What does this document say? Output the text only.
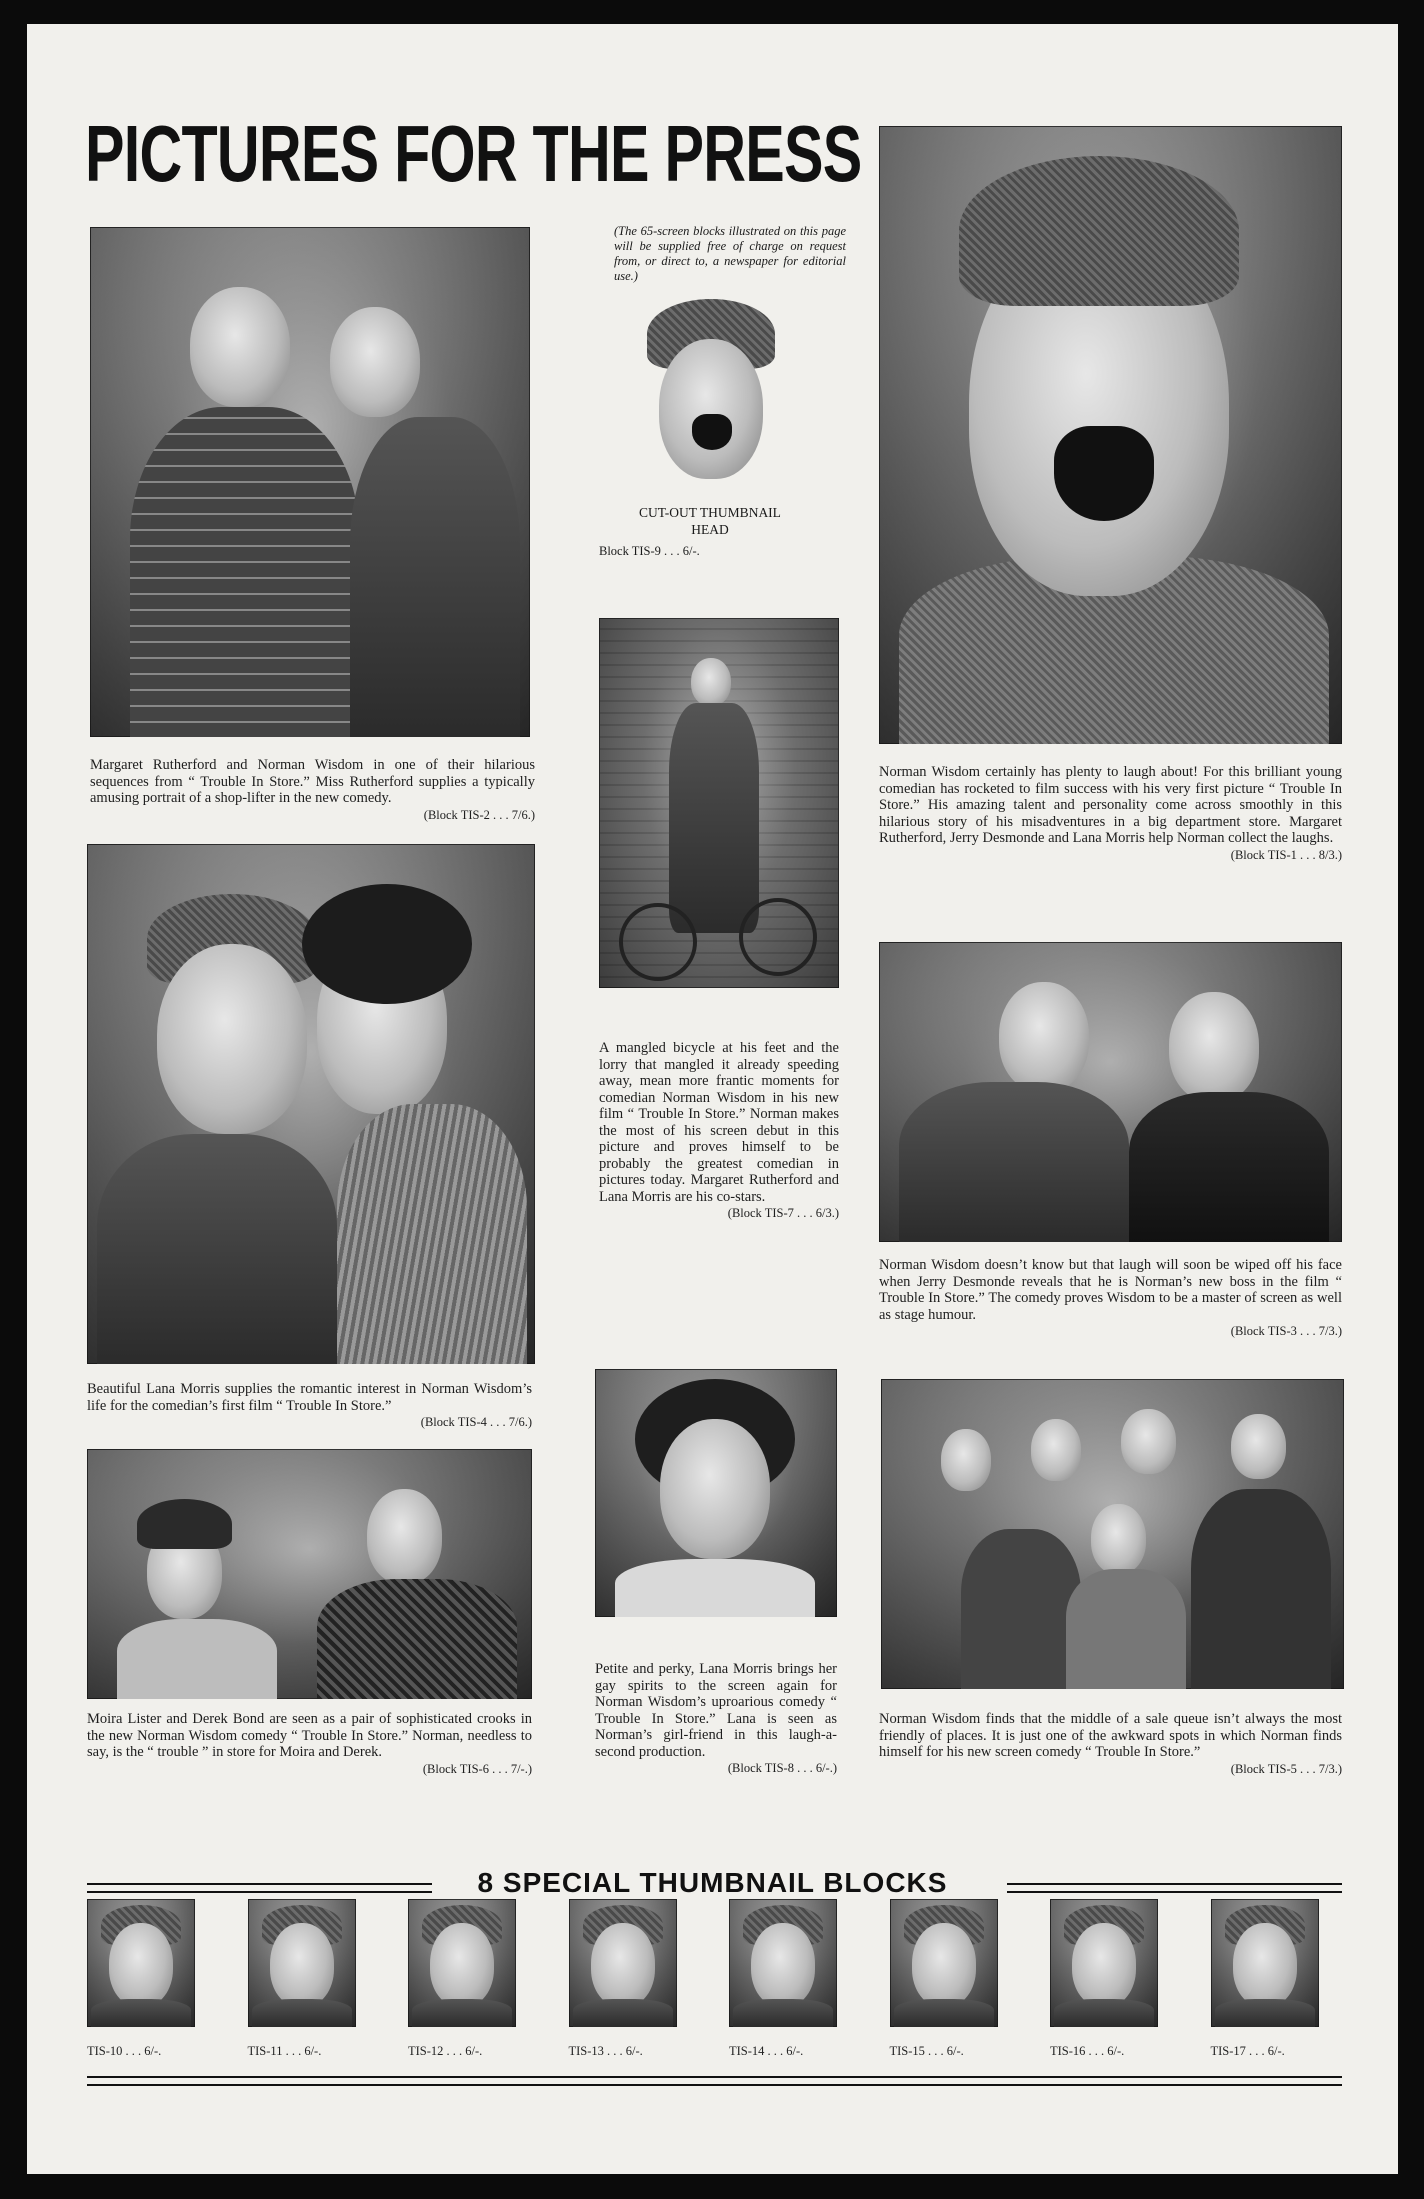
PICTURES FOR THE PRESS
(The 65-screen blocks illustrated on this page will be supplied free of charge on request from, or direct to, a newspaper for editorial use.)
CUT-OUT THUMBNAIL HEAD
Block TIS-9 . . . 6/-.
Margaret Rutherford and Norman Wisdom in one of their hilarious sequences from “ Trouble In Store.” Miss Rutherford supplies a typically amusing portrait of a shop-lifter in the new comedy.
(Block TIS-2 . . . 7/6.)
Norman Wisdom certainly has plenty to laugh about! For this brilliant young comedian has rocketed to film success with his very first picture “ Trouble In Store.” His amazing talent and personality come across smoothly in this hilarious story of his misadventures in a big department store. Margaret Rutherford, Jerry Desmonde and Lana Morris help Norman collect the laughs.
(Block TIS-1 . . . 8/3.)
A mangled bicycle at his feet and the lorry that mangled it already speeding away, mean more frantic moments for comedian Norman Wisdom in his new film “ Trouble In Store.” Norman makes the most of his screen debut in this picture and proves himself to be probably the greatest comedian in pictures today. Margaret Rutherford and Lana Morris are his co-stars.
(Block TIS-7 . . . 6/3.)
Beautiful Lana Morris supplies the romantic interest in Norman Wisdom’s life for the comedian’s first film “ Trouble In Store.”
(Block TIS-4 . . . 7/6.)
Norman Wisdom doesn’t know but that laugh will soon be wiped off his face when Jerry Desmonde reveals that he is Norman’s new boss in the film “ Trouble In Store.” The comedy proves Wisdom to be a master of screen as well as stage humour.
(Block TIS-3 . . . 7/3.)
Moira Lister and Derek Bond are seen as a pair of sophisticated crooks in the new Norman Wisdom comedy “ Trouble In Store.” Norman, needless to say, is the “ trouble ” in store for Moira and Derek.
(Block TIS-6 . . . 7/-.)
Petite and perky, Lana Morris brings her gay spirits to the screen again for Norman Wisdom’s uproarious comedy “ Trouble In Store.” Lana is seen as Norman’s girl-friend in this laugh-a-second production.
(Block TIS-8 . . . 6/-.)
Norman Wisdom finds that the middle of a sale queue isn’t always the most friendly of places. It is just one of the awkward spots in which Norman finds himself for his new screen comedy “ Trouble In Store.”
(Block TIS-5 . . . 7/3.)
8 SPECIAL THUMBNAIL BLOCKS
TIS-10 . . . 6/-.	TIS-11 . . . 6/-.	TIS-12 . . . 6/-.	TIS-13 . . . 6/-.	TIS-14 . . . 6/-.	TIS-15 . . . 6/-.	TIS-16 . . . 6/-.	TIS-17 . . . 6/-.
